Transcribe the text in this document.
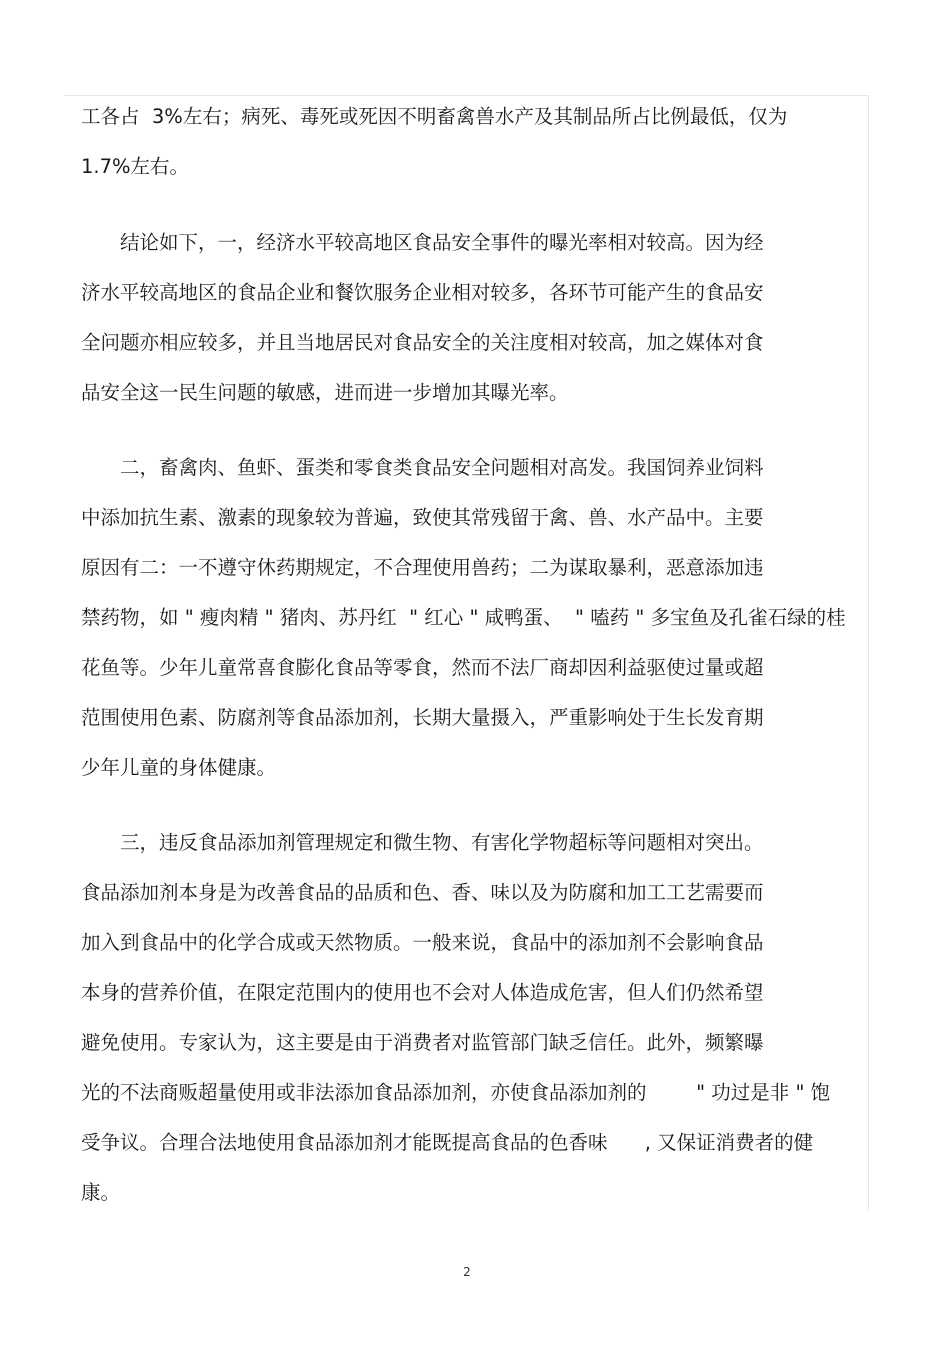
工各占  3%左右；病死、毒死或死因不明畜禽兽水产及其制品所占比例最低，仅为
1.7%左右。
结论如下，一，经济水平较高地区食品安全事件的曝光率相对较高。因为经
济水平较高地区的食品企业和餐饮服务企业相对较多，各环节可能产生的食品安
全问题亦相应较多，并且当地居民对食品安全的关注度相对较高，加之媒体对食
品安全这一民生问题的敏感，进而进一步增加其曝光率。
二，畜禽肉、鱼虾、蛋类和零食类食品安全问题相对高发。我国饲养业饲料
中添加抗生素、激素的现象较为普遍，致使其常残留于禽、兽、水产品中。主要
原因有二：一不遵守休药期规定，不合理使用兽药；二为谋取暴利，恶意添加违
禁药物，如 " 瘦肉精 " 猪肉、苏丹红  " 红心 " 咸鸭蛋、  " 嗑药 " 多宝鱼及孔雀石绿的桂
花鱼等。少年儿童常喜食膨化食品等零食，然而不法厂商却因利益驱使过量或超
范围使用色素、防腐剂等食品添加剂，长期大量摄入，严重影响处于生长发育期
少年儿童的身体健康。
三，违反食品添加剂管理规定和微生物、有害化学物超标等问题相对突出。
食品添加剂本身是为改善食品的品质和色、香、味以及为防腐和加工工艺需要而
加入到食品中的化学合成或天然物质。一般来说，食品中的添加剂不会影响食品
本身的营养价值，在限定范围内的使用也不会对人体造成危害，但人们仍然希望
避免使用。专家认为，这主要是由于消费者对监管部门缺乏信任。此外，频繁曝
光的不法商贩超量使用或非法添加食品添加剂，亦使食品添加剂的        " 功过是非 " 饱
受争议。合理合法地使用食品添加剂才能既提高食品的色香味      , 又保证消费者的健
康。
2
